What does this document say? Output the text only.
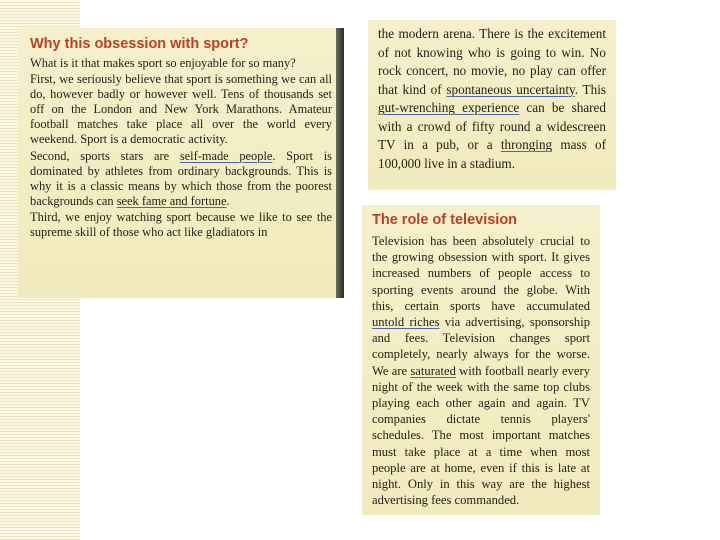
Why this obsession with sport?

What is it that makes sport so enjoyable for so many?

First, we seriously believe that sport is something we can all do, however badly or however well. Tens of thousands set off on the London and New York Marathons. Amateur football matches take place all over the world every weekend. Sport is a democratic activity.

Second, sports stars are self-made people. Sport is dominated by athletes from ordinary backgrounds. This is why it is a classic means by which those from the poorest backgrounds can seek fame and fortune.

Third, we enjoy watching sport because we like to see the supreme skill of those who act like gladiators in

the modern arena. There is the excitement of not knowing who is going to win. No rock concert, no movie, no play can offer that kind of spontaneous uncertainty. This gut-wrenching experience can be shared with a crowd of fifty round a widescreen TV in a pub, or a thronging mass of 100,000 live in a stadium.

The role of television

Television has been absolutely crucial to the growing obsession with sport. It gives increased numbers of people access to sporting events around the globe. With this, certain sports have accumulated untold riches via advertising, sponsorship and fees. Television changes sport completely, nearly always for the worse. We are saturated with football nearly every night of the week with the same top clubs playing each other again and again. TV companies dictate tennis players' schedules. The most important matches must take place at a time when most people are at home, even if this is late at night. Only in this way are the highest advertising fees commanded.
